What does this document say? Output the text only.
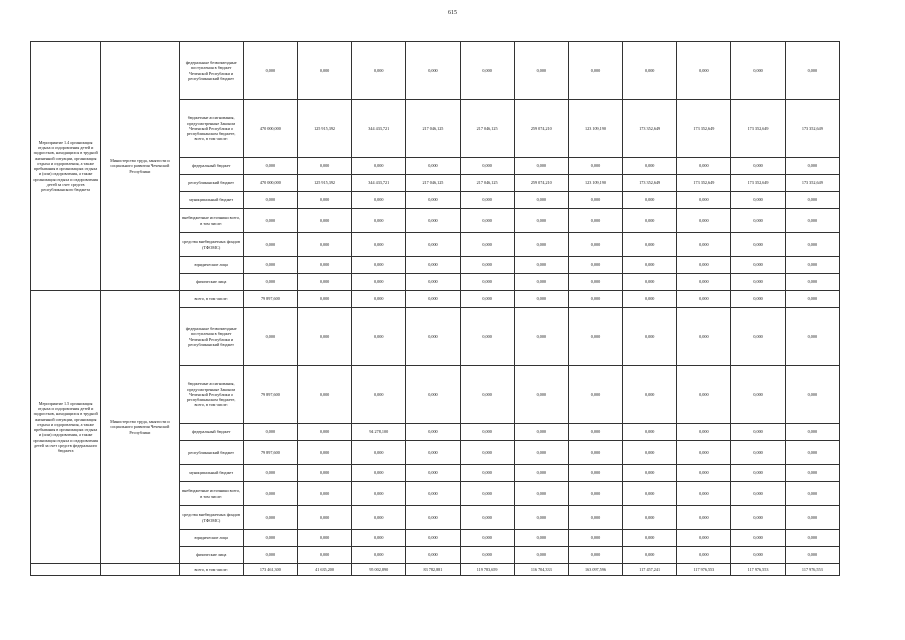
615
Мероприятие 1.4 организация отдыха и оздоровления детей и подростков, находящихся в трудной жизненной ситуации, организация отдыха и оздоровления, а также пребывания в организациях отдыха и (или) оздоровления, а также организация отдыха и оздоровления детей за счет средств республиканского бюджета	Министерство труда, занятости и социального развития Чеченской Республики	федеральные безвозмездные поступления в бюджет Чеченской Республики и республиканский бюджет	0,000	0,000	0,000	0,000	0,000	0,000	0,000	0,000	0,000	0,000	0,000
		бюджетные ассигнования, предусмотренные Законом Чеченской Республики о республиканском бюджете, всего, в том числе:	470 000,000	125 915,392	344 433,721	217 046,125	217 046,125	259 074,210	123 109,190	173 352,649	173 352,649	173 352,649	173 352,649
		федеральный бюджет	0,000	0,000	0,000	0,000	0,000	0,000	0,000	0,000	0,000	0,000	0,000
		республиканский бюджет	470 000,000	125 915,392	344 433,721	217 046,125	217 046,125	259 074,210	123 109,190	173 352,649	173 352,649	173 352,649	173 352,649
		муниципальный бюджет	0,000	0,000	0,000	0,000	0,000	0,000	0,000	0,000	0,000	0,000	0,000
		внебюджетные источники всего, в том числе:	0,000	0,000	0,000	0,000	0,000	0,000	0,000	0,000	0,000	0,000	0,000
		средства внебюджетных фондов (ТФОМС)	0,000	0,000	0,000	0,000	0,000	0,000	0,000	0,000	0,000	0,000	0,000
		юридические лица	0,000	0,000	0,000	0,000	0,000	0,000	0,000	0,000	0,000	0,000	0,000
		физические лица	0,000	0,000	0,000	0,000	0,000	0,000	0,000	0,000	0,000	0,000	0,000
Мероприятие 1.5 организация отдыха и оздоровления детей и подростков, находящихся в трудной жизненной ситуации, организация отдыха и оздоровления, а также пребывания в организациях отдыха и (или) оздоровления, а также организация отдыха и оздоровления детей за счет средств федерального бюджета	Министерство труда, занятости и социального развития Чеченской Республики	всего, в том числе:	79 897,600	0,000	0,000	0,000	0,000	0,000	0,000	0,000	0,000	0,000	0,000
		федеральные безвозмездные поступления в бюджет Чеченской Республики и республиканский бюджет	0,000	0,000	0,000	0,000	0,000	0,000	0,000	0,000	0,000	0,000	0,000
		бюджетные ассигнования, предусмотренные Законом Чеченской Республики о республиканском бюджете, всего, в том числе:	79 897,600	0,000	0,000	0,000	0,000	0,000	0,000	0,000	0,000	0,000	0,000
		федеральный бюджет	0,000	0,000	94 278,100	0,000	0,000	0,000	0,000	0,000	0,000	0,000	0,000
		республиканский бюджет	79 897,600	0,000	0,000	0,000	0,000	0,000	0,000	0,000	0,000	0,000	0,000
		муниципальный бюджет	0,000	0,000	0,000	0,000	0,000	0,000	0,000	0,000	0,000	0,000	0,000
		внебюджетные источники всего, в том числе:	0,000	0,000	0,000	0,000	0,000	0,000	0,000	0,000	0,000	0,000	0,000
		средства внебюджетных фондов (ТФОМС)	0,000	0,000	0,000	0,000	0,000	0,000	0,000	0,000	0,000	0,000	0,000
		юридические лица	0,000	0,000	0,000	0,000	0,000	0,000	0,000	0,000	0,000	0,000	0,000
		физические лица	0,000	0,000	0,000	0,000	0,000	0,000	0,000	0,000	0,000	0,000	0,000
		всего, в том числе:	173 461,300	41 635,200	95 002,890	83 782,881	119 783,659	116 704,333	163 097,596	117 457,241	117 976,553	117 976,553	117 976,553
